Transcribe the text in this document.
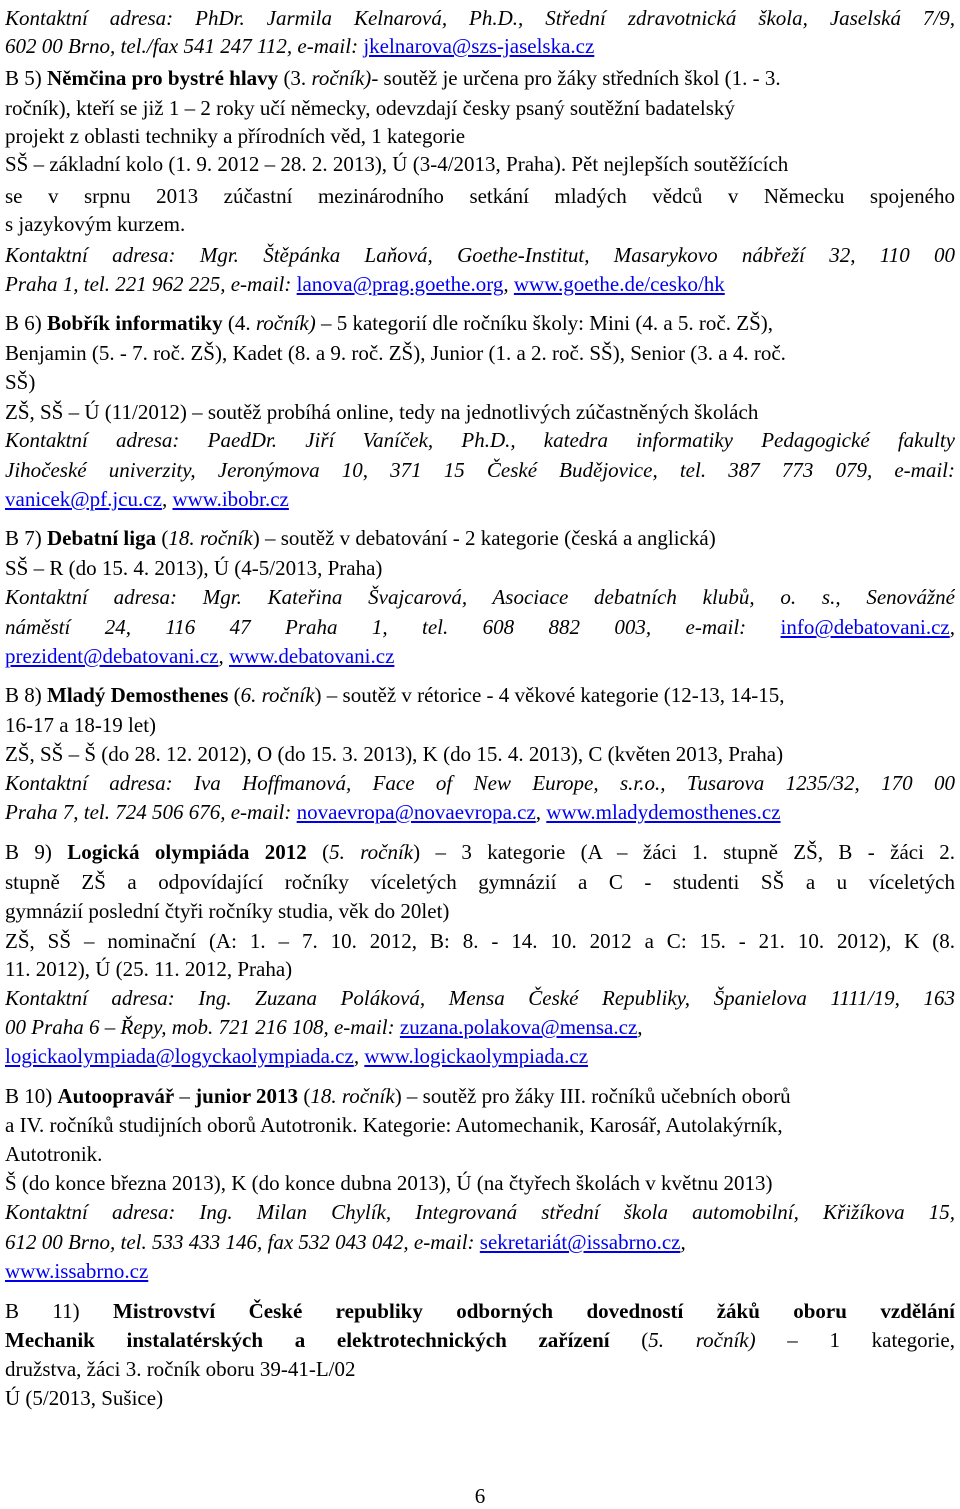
Kontaktní adresa: PhDr. Jarmila Kelnarová, Ph.D., Střední zdravotnická škola, Jaselská 7/9,
602 00 Brno, tel./fax 541 247 112, e-mail: jkelnarova@szs-jaselska.cz
B 5) Němčina pro bystré hlavy (3. ročník)- soutěž je určena pro žáky středních škol (1. - 3.
ročník), kteří se již 1 – 2 roky učí německy, odevzdají česky psaný soutěžní badatelský
projekt z oblasti techniky a přírodních věd, 1 kategorie
SŠ – základní kolo (1. 9. 2012 – 28. 2. 2013), Ú (3-4/2013, Praha). Pět nejlepších soutěžících
se v srpnu 2013 zúčastní mezinárodního setkání mladých vědců v Německu spojeného
s jazykovým kurzem.
Kontaktní adresa: Mgr. Štěpánka Laňová, Goethe-Institut, Masarykovo nábřeží 32, 110 00
Praha 1, tel. 221 962 225, e-mail: lanova@prag.goethe.org, www.goethe.de/cesko/hk
B 6) Bobřík informatiky (4. ročník) – 5 kategorií dle ročníku školy: Mini (4. a 5. roč. ZŠ),
Benjamin (5. - 7. roč. ZŠ), Kadet (8. a 9. roč. ZŠ), Junior (1. a 2. roč. SŠ), Senior (3. a 4. roč.
SŠ)
ZŠ, SŠ – Ú (11/2012) – soutěž probíhá online, tedy na jednotlivých zúčastněných školách
Kontaktní adresa: PaedDr. Jiří Vaníček, Ph.D., katedra informatiky Pedagogické fakulty
Jihočeské univerzity, Jeronýmova 10, 371 15 České Budějovice, tel. 387 773 079, e-mail:
vanicek@pf.jcu.cz, www.ibobr.cz
B 7) Debatní liga (18. ročník) – soutěž v debatování - 2 kategorie (česká a anglická)
SŠ – R (do 15. 4. 2013), Ú (4-5/2013, Praha)
Kontaktní adresa: Mgr. Kateřina Švajcarová, Asociace debatních klubů, o. s., Senovážné
náměstí 24, 116 47 Praha 1, tel. 608 882 003, e-mail: info@debatovani.cz,
prezident@debatovani.cz, www.debatovani.cz
B 8) Mladý Demosthenes (6. ročník) – soutěž v rétorice - 4 věkové kategorie (12-13, 14-15,
16-17 a 18-19 let)
ZŠ, SŠ – Š (do 28. 12. 2012), O (do 15. 3. 2013), K (do 15. 4. 2013), C (květen 2013, Praha)
Kontaktní adresa: Iva Hoffmanová, Face of New Europe, s.r.o., Tusarova 1235/32, 170 00
Praha 7, tel. 724 506 676, e-mail: novaevropa@novaevropa.cz, www.mladydemosthenes.cz
B 9) Logická olympiáda 2012 (5. ročník) – 3 kategorie (A – žáci 1. stupně ZŠ, B - žáci 2.
stupně ZŠ a odpovídající ročníky víceletých gymnázií a C - studenti SŠ a u víceletých
gymnázií poslední čtyři ročníky studia, věk do 20let)
ZŠ, SŠ – nominační (A: 1. – 7. 10. 2012, B: 8. - 14. 10. 2012 a C: 15. - 21. 10. 2012), K (8.
11. 2012), Ú (25. 11. 2012, Praha)
Kontaktní adresa: Ing. Zuzana Poláková, Mensa České Republiky, Španielova 1111/19, 163
00 Praha 6 – Řepy, mob. 721 216 108, e-mail: zuzana.polakova@mensa.cz,
logickaolympiada@logyckaolympiada.cz, www.logickaolympiada.cz
B 10) Autoopravář – junior 2013 (18. ročník) – soutěž pro žáky III. ročníků učebních oborů
a IV. ročníků studijních oborů Autotronik. Kategorie: Automechanik, Karosář, Autolakýrník,
Autotronik.
Š (do konce března 2013), K (do konce dubna 2013), Ú (na čtyřech školách v květnu 2013)
Kontaktní adresa: Ing. Milan Chylík, Integrovaná střední škola automobilní, Křižíkova 15,
612 00 Brno, tel. 533 433 146, fax 532 043 042, e-mail: sekretariát@issabrno.cz,
www.issabrno.cz
B 11) Mistrovství České republiky odborných dovedností žáků oboru vzdělání
Mechanik instalatérských a elektrotechnických zařízení (5. ročník) – 1 kategorie,
družstva, žáci 3. ročník oboru 39-41-L/02
Ú (5/2013, Sušice)
6
